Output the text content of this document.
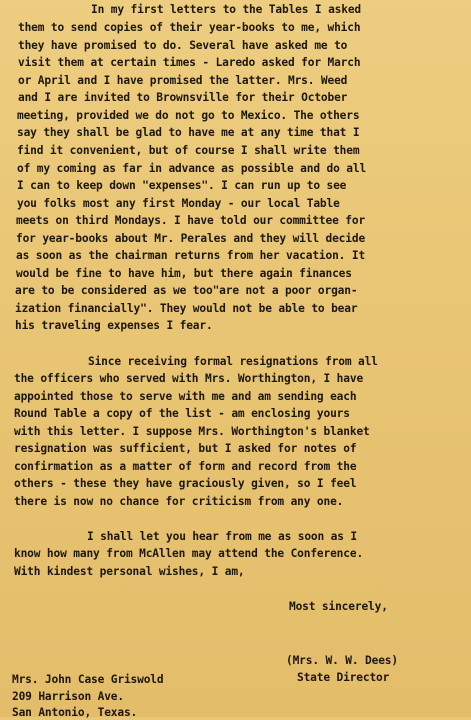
In my first letters to the Tables I asked

them to send copies of their year-books to me, which

they have promised to do. Several have asked me to

visit them at certain times - Laredo asked for March

or April and I have promised the latter. Mrs. Weed

and I are invited to Brownsville for their October

meeting, provided we do not go to Mexico. The others

say they shall be glad to have me at any time that I

find it convenient, but of course I shall write them

of my coming as far in advance as possible and do all

I can to keep down "expenses". I can run up to see

you folks most any first Monday - our local Table

meets on third Mondays. I have told our committee for

for year-books about Mr. Perales and they will decide

as soon as the chairman returns from her vacation. It

would be fine to have him, but there again finances

are to be considered as we too"are not a poor organ-

ization financially". They would not be able to bear

his traveling expenses I fear.

Since receiving formal resignations from all

the officers who served with Mrs. Worthington, I have

appointed those to serve with me and am sending each

Round Table a copy of the list - am enclosing yours

with this letter. I suppose Mrs. Worthington's blanket

resignation was sufficient, but I asked for notes of

confirmation as a matter of form and record from the

others - these they have graciously given, so I feel

there is now no chance for criticism from any one.

I shall let you hear from me as soon as I

know how many from McAllen may attend the Conference.

With kindest personal wishes, I am,

Most sincerely,

(Mrs. W. W. Dees)

State Director

Mrs. John Case Griswold

209 Harrison Ave.

San Antonio, Texas.
